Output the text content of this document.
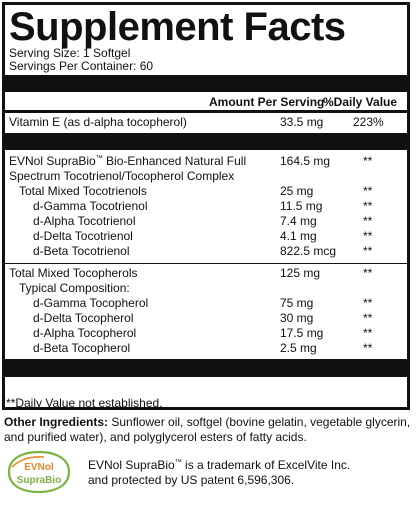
Supplement Facts
Serving Size: 1 Softgel
Servings Per Container: 60
Amount Per Serving
%Daily Value
Vitamin E (as d-alpha tocopherol)	33.5 mg 223%
EVNol SupraBio™ Bio-Enhanced Natural Full	164.5 mg	**
Spectrum Tocotrienol/Tocopherol Complex
Total Mixed Tocotrienols	25 mg	**
d-Gamma Tocotrienol	11.5 mg	**
d-Alpha Tocotrienol	7.4 mg	**
d-Delta Tocotrienol	4.1 mg	**
d-Beta Tocotrienol	822.5 mcg **
Total Mixed Tocopherols	125 mg	**
Typical Composition:
d-Gamma Tocopherol	75 mg	**
d-Delta Tocopherol	30 mg	**
d-Alpha Tocopherol	17.5 mg	**
d-Beta Tocopherol	2.5 mg	**
**Daily Value not established.
Other Ingredients: Sunflower oil, softgel (bovine gelatin, vegetable glycerin, and purified water), and polyglycerol esters of fatty acids.
EVNol
SupraBio
EVNol SupraBio™ is a trademark of ExcelVite Inc.
and protected by US patent 6,596,306.
